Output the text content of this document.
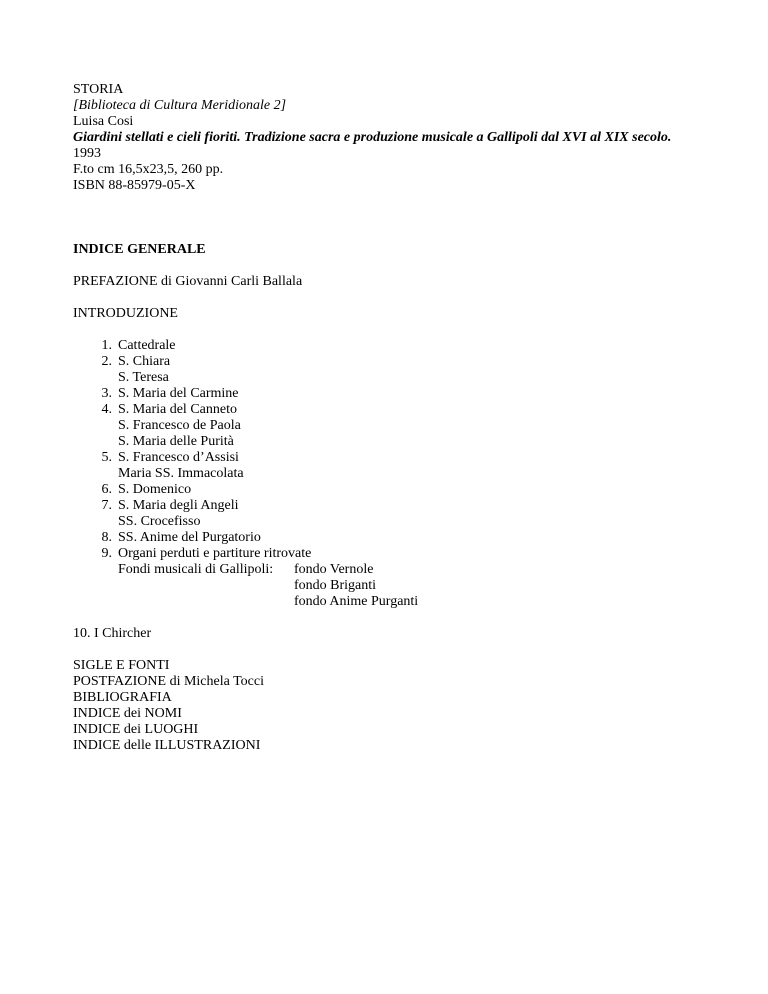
STORIA
[Biblioteca di Cultura Meridionale 2]
Luisa Cosi
Giardini stellati e cieli fioriti. Tradizione sacra e produzione musicale a Gallipoli dal XVI al XIX secolo.
1993
F.to cm 16,5x23,5, 260 pp.
ISBN 88-85979-05-X
INDICE GENERALE
PREFAZIONE di Giovanni Carli Ballala
INTRODUZIONE
1. Cattedrale
2. S. Chiara
S. Teresa
3. S. Maria del Carmine
4. S. Maria del Canneto
S. Francesco de Paola
S. Maria delle Purità
5. S. Francesco d’Assisi
Maria SS. Immacolata
6. S. Domenico
7. S. Maria degli Angeli
SS. Crocefisso
8. SS. Anime del Purgatorio
9. Organi perduti e partiture ritrovate
Fondi musicali di Gallipoli: fondo Vernole
fondo Briganti
fondo Anime Purganti
10. I Chircher
SIGLE E FONTI
POSTFAZIONE di Michela Tocci
BIBLIOGRAFIA
INDICE dei NOMI
INDICE dei LUOGHI
INDICE delle ILLUSTRAZIONI
